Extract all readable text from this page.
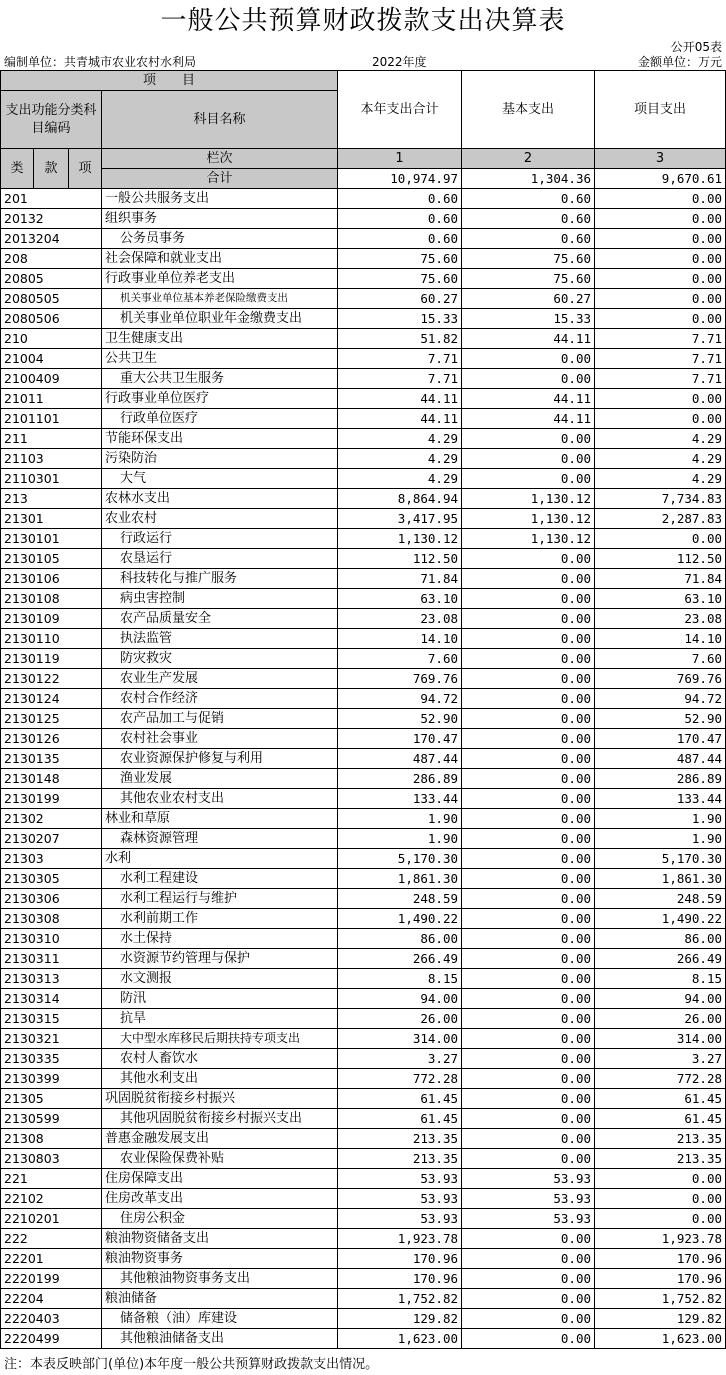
一般公共预算财政拨款支出决算表
公开05表
编制单位：共青城市农业农村水利局	2022年度	金额单位：万元
项　　目				本年支出合计	基本支出	项目支出
支出功能分类科目编码			科目名称			

类	款	项	栏次	1	2	3
			合计	10,974.97	1,304.36	9,670.61
201			一般公共服务支出	0.60	0.60	0.00
20132			组织事务	0.60	0.60	0.00
2013204			公务员事务	0.60	0.60	0.00
208			社会保障和就业支出	75.60	75.60	0.00
20805			行政事业单位养老支出	75.60	75.60	0.00
2080505			机关事业单位基本养老保险缴费支出	60.27	60.27	0.00
2080506			机关事业单位职业年金缴费支出	15.33	15.33	0.00
210			卫生健康支出	51.82	44.11	7.71
21004			公共卫生	7.71	0.00	7.71
2100409			重大公共卫生服务	7.71	0.00	7.71
21011			行政事业单位医疗	44.11	44.11	0.00
2101101			行政单位医疗	44.11	44.11	0.00
211			节能环保支出	4.29	0.00	4.29
21103			污染防治	4.29	0.00	4.29
2110301			大气	4.29	0.00	4.29
213			农林水支出	8,864.94	1,130.12	7,734.83
21301			农业农村	3,417.95	1,130.12	2,287.83
2130101			行政运行	1,130.12	1,130.12	0.00
2130105			农垦运行	112.50	0.00	112.50
2130106			科技转化与推广服务	71.84	0.00	71.84
2130108			病虫害控制	63.10	0.00	63.10
2130109			农产品质量安全	23.08	0.00	23.08
2130110			执法监管	14.10	0.00	14.10
2130119			防灾救灾	7.60	0.00	7.60
2130122			农业生产发展	769.76	0.00	769.76
2130124			农村合作经济	94.72	0.00	94.72
2130125			农产品加工与促销	52.90	0.00	52.90
2130126			农村社会事业	170.47	0.00	170.47
2130135			农业资源保护修复与利用	487.44	0.00	487.44
2130148			渔业发展	286.89	0.00	286.89
2130199			其他农业农村支出	133.44	0.00	133.44
21302			林业和草原	1.90	0.00	1.90
2130207			森林资源管理	1.90	0.00	1.90
21303			水利	5,170.30	0.00	5,170.30
2130305			水利工程建设	1,861.30	0.00	1,861.30
2130306			水利工程运行与维护	248.59	0.00	248.59
2130308			水利前期工作	1,490.22	0.00	1,490.22
2130310			水土保持	86.00	0.00	86.00
2130311			水资源节约管理与保护	266.49	0.00	266.49
2130313			水文测报	8.15	0.00	8.15
2130314			防汛	94.00	0.00	94.00
2130315			抗旱	26.00	0.00	26.00
2130321			大中型水库移民后期扶持专项支出	314.00	0.00	314.00
2130335			农村人畜饮水	3.27	0.00	3.27
2130399			其他水利支出	772.28	0.00	772.28
21305			巩固脱贫衔接乡村振兴	61.45	0.00	61.45
2130599			其他巩固脱贫衔接乡村振兴支出	61.45	0.00	61.45
21308			普惠金融发展支出	213.35	0.00	213.35
2130803			农业保险保费补贴	213.35	0.00	213.35
221			住房保障支出	53.93	53.93	0.00
22102			住房改革支出	53.93	53.93	0.00
2210201			住房公积金	53.93	53.93	0.00
222			粮油物资储备支出	1,923.78	0.00	1,923.78
22201			粮油物资事务	170.96	0.00	170.96
2220199			其他粮油物资事务支出	170.96	0.00	170.96
22204			粮油储备	1,752.82	0.00	1,752.82
2220403			储备粮（油）库建设	129.82	0.00	129.82
2220499			其他粮油储备支出	1,623.00	0.00	1,623.00
注：本表反映部门(单位)本年度一般公共预算财政拨款支出情况。
